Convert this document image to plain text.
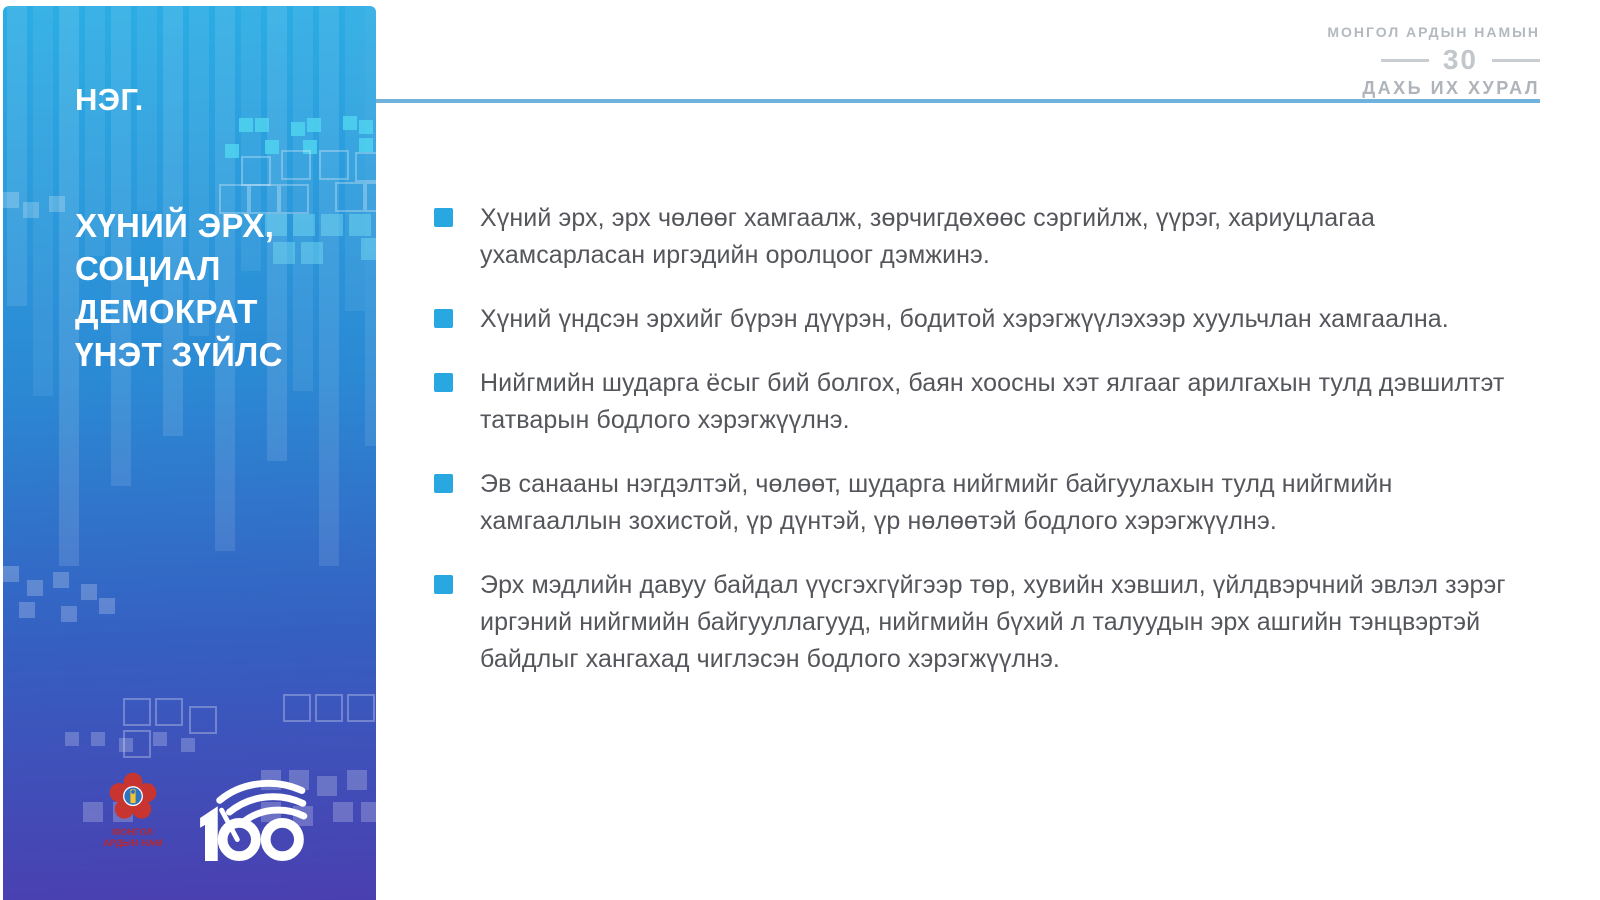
НЭГ.
ХҮНИЙ ЭРХ,
СОЦИАЛ
ДЕМОКРАТ
ҮНЭТ ЗҮЙЛС
МОНГОЛ
АРДЫН НАМ
МОНГОЛ АРДЫН НАМЫН
30
ДАХЬ ИХ ХУРАЛ
Хүний эрх, эрх чөлөөг хамгаалж, зөрчигдөхөөс сэргийлж, үүрэг, хариуцлагаа ухамсарласан иргэдийн оролцоог дэмжинэ.
Хүний үндсэн эрхийг бүрэн дүүрэн, бодитой хэрэгжүүлэхээр хуульчлан хамгаална.
Нийгмийн шударга ёсыг бий болгох, баян хоосны хэт ялгааг арилгахын тулд дэвшилтэт татварын бодлого хэрэгжүүлнэ.
Эв санааны нэгдэлтэй, чөлөөт, шударга нийгмийг байгуулахын тулд нийгмийн хамгааллын зохистой, үр дүнтэй, үр нөлөөтэй бодлого хэрэгжүүлнэ.
Эрх мэдлийн давуу байдал үүсгэхгүйгээр төр, хувийн хэвшил, үйлдвэрчний эвлэл зэрэг иргэний нийгмийн байгууллагууд, нийгмийн бүхий л талуудын эрх ашгийн тэнцвэртэй байдлыг хангахад чиглэсэн бодлого хэрэгжүүлнэ.
